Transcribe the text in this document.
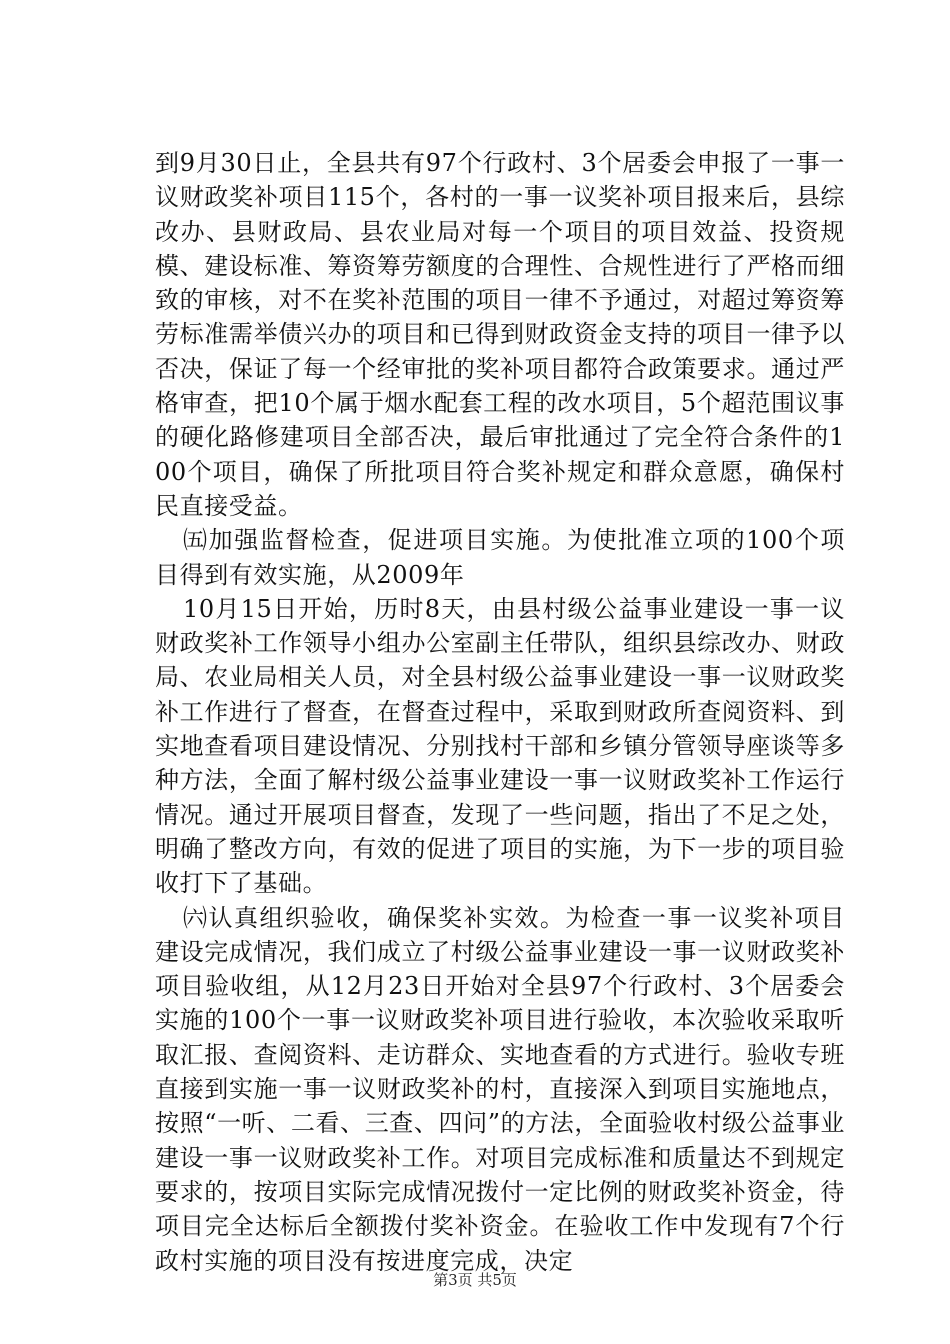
到9月30日止，全县共有97个行政村、3个居委会申报了一事一议财政奖补项目115个，各村的一事一议奖补项目报来后，县综改办、县财政局、县农业局对每一个项目的项目效益、投资规模、建设标准、筹资筹劳额度的合理性、合规性进行了严格而细致的审核，对不在奖补范围的项目一律不予通过，对超过筹资筹劳标准需举债兴办的项目和已得到财政资金支持的项目一律予以否决，保证了每一个经审批的奖补项目都符合政策要求。通过严格审查，把10个属于烟水配套工程的改水项目，5个超范围议事的硬化路修建项目全部否决，最后审批通过了完全符合条件的100个项目，确保了所批项目符合奖补规定和群众意愿，确保村民直接受益。

㈤加强监督检查，促进项目实施。为使批准立项的100个项目得到有效实施，从2009年

10月15日开始，历时8天，由县村级公益事业建设一事一议财政奖补工作领导小组办公室副主任带队，组织县综改办、财政局、农业局相关人员，对全县村级公益事业建设一事一议财政奖补工作进行了督查，在督查过程中，采取到财政所查阅资料、到实地查看项目建设情况、分别找村干部和乡镇分管领导座谈等多种方法，全面了解村级公益事业建设一事一议财政奖补工作运行情况。通过开展项目督查，发现了一些问题，指出了不足之处，明确了整改方向，有效的促进了项目的实施，为下一步的项目验收打下了基础。

㈥认真组织验收，确保奖补实效。为检查一事一议奖补项目建设完成情况，我们成立了村级公益事业建设一事一议财政奖补项目验收组，从12月23日开始对全县97个行政村、3个居委会实施的100个一事一议财政奖补项目进行验收，本次验收采取听取汇报、查阅资料、走访群众、实地查看的方式进行。验收专班直接到实施一事一议财政奖补的村，直接深入到项目实施地点，按照“一听、二看、三查、四问”的方法，全面验收村级公益事业建设一事一议财政奖补工作。对项目完成标准和质量达不到规定要求的，按项目实际完成情况拨付一定比例的财政奖补资金，待项目完全达标后全额拨付奖补资金。在验收工作中发现有7个行政村实施的项目没有按进度完成，决定

第3页 共5页
